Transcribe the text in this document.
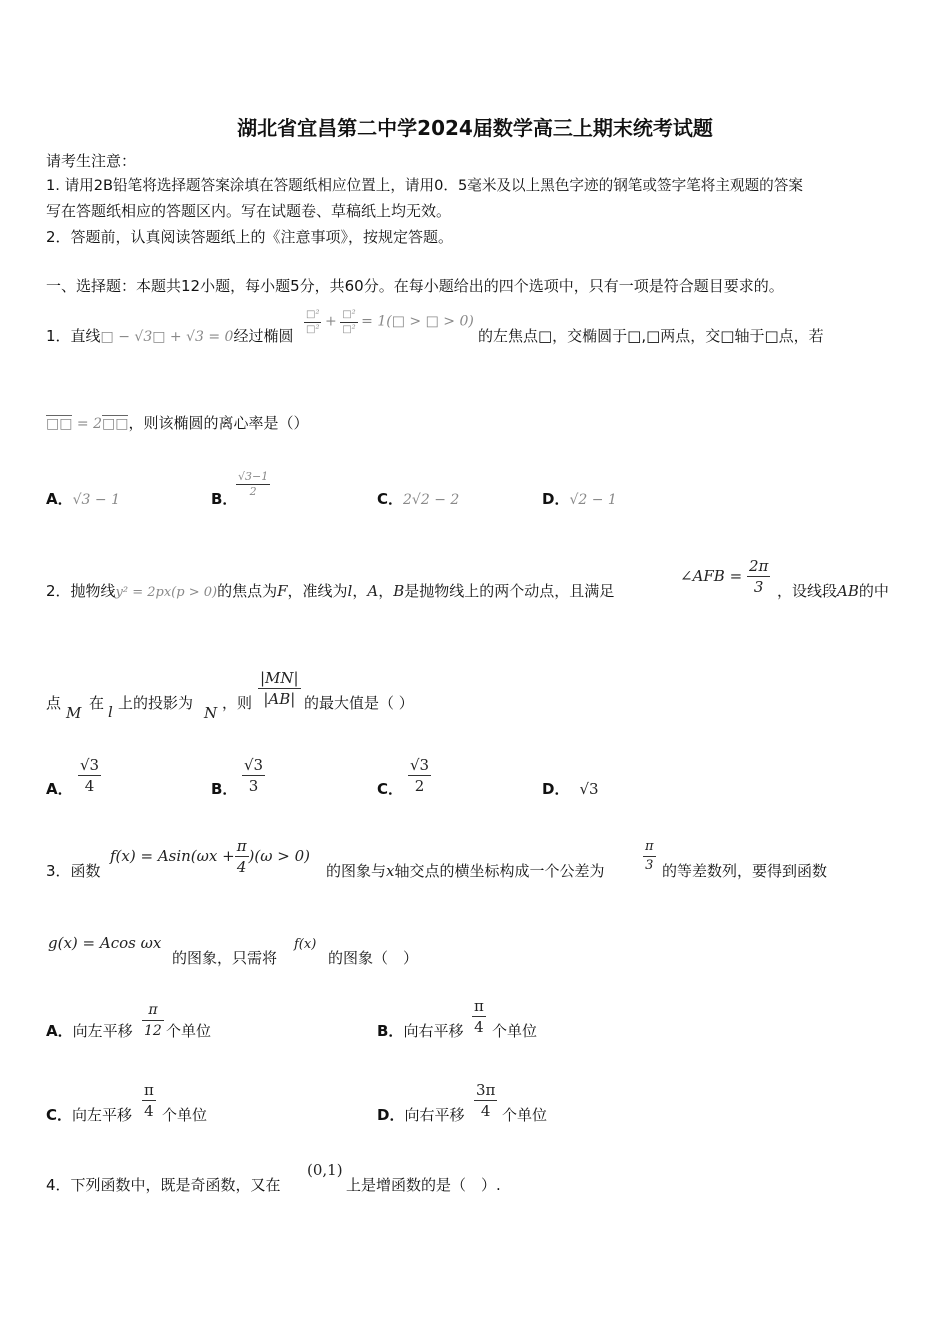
湖北省宜昌第二中学2024届数学高三上期末统考试题
请考生注意：
1. 请用2B铅笔将选择题答案涂填在答题纸相应位置上，请用0．5毫米及以上黑色字迹的钢笔或签字笔将主观题的答案
写在答题纸相应的答题区内。写在试题卷、草稿纸上均无效。
2．答题前，认真阅读答题纸上的《注意事项》，按规定答题。
一、选择题：本题共12小题，每小题5分，共60分。在每小题给出的四个选项中，只有一项是符合题目要求的。
1．直线□ − √3□ + √3 = 0经过椭圆 $\frac{\text{□²}}{\text{□²}} + \frac{\text{□²}}{\text{□²}}$ = 1(□ > □ > 0)
的左焦点□，交椭圆于□,□两点，交□轴于□点，若
□□ = 2□□，则该椭圆的离心率是（）
A．√3 − 1	B．
$\frac{√3-1}{2}$	C．2√2 − 2	D．√2 − 1
2．抛物线y² = 2px(p > 0)的焦点为F，准线为l，A，B是抛物线上的两个动点，且满足
∠AFB = $\frac{2\pi}{3}$ ，设线段AB的中
点
M
在 l 上的投影为
N
，则 $\frac{|MN|}{|AB|}$ 的最大值是（ ）
A． $\frac{√3}{4}$	B． $\frac{√3}{3}$	C． $\frac{√3}{2}$	D． √3
3．函数
$f(x) = Asin(\omega x + \frac{\pi}{4} )(\omega > 0)$
的图象与x轴交点的横坐标构成一个公差为	$\frac{\pi}{3}$ 的等差数列，要得到函数
g(x) = Acos ωx
的图象，只需将
f(x)
的图象（　）
A．向左平移 $\frac{\pi}{12}$ 个单位	B．向右平移 $\frac{\pi}{4}$ 个单位
C．向左平移 $\frac{\pi}{4}$ 个单位	D．向右平移 $\frac{3\pi}{4}$ 个单位
4．下列函数中，既是奇函数，又在
(0,1)
上是增函数的是（　）.
